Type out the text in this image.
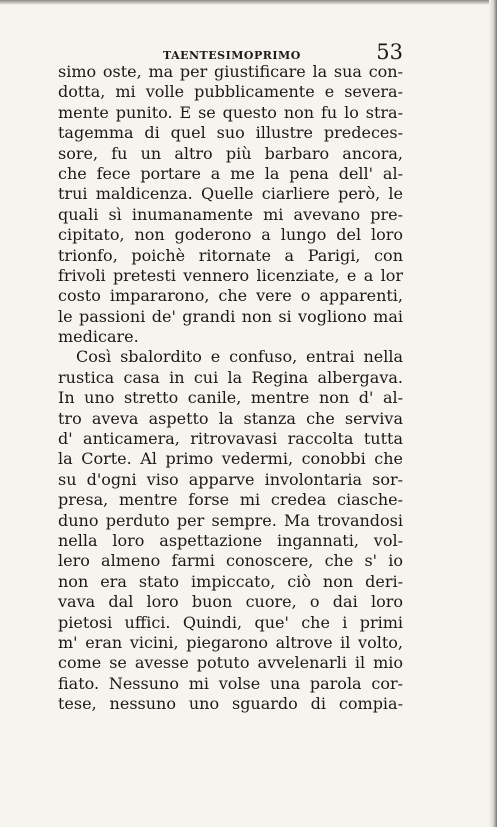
TAENTESIMOPRIMO	53
simo oste, ma per giustificare la sua con-
dotta, mi volle pubblicamente e severa-
mente punito. E se questo non fu lo stra-
tagemma di quel suo illustre predeces-
sore, fu un altro più barbaro ancora,
che fece portare a me la pena dell' al-
trui maldicenza. Quelle ciarliere però, le
quali sì inumanamente mi avevano pre-
cipitato, non goderono a lungo del loro
trionfo, poichè ritornate a Parigi, con
frivoli pretesti vennero licenziate, e a lor
costo impararono, che vere o apparenti,
le passioni de' grandi non si vogliono mai
medicare.
Così sbalordito e confuso, entrai nella
rustica casa in cui la Regina albergava.
In uno stretto canile, mentre non d' al-
tro aveva aspetto la stanza che serviva
d' anticamera, ritrovavasi raccolta tutta
la Corte. Al primo vedermi, conobbi che
su d'ogni viso apparve involontaria sor-
presa, mentre forse mi credea ciasche-
duno perduto per sempre. Ma trovandosi
nella loro aspettazione ingannati, vol-
lero almeno farmi conoscere, che s' io
non era stato impiccato, ciò non deri-
vava dal loro buon cuore, o dai loro
pietosi uffici. Quindi, que' che i primi
m' eran vicini, piegarono altrove il volto,
come se avesse potuto avvelenarli il mio
fiato. Nessuno mi volse una parola cor-
tese, nessuno uno sguardo di compia-
